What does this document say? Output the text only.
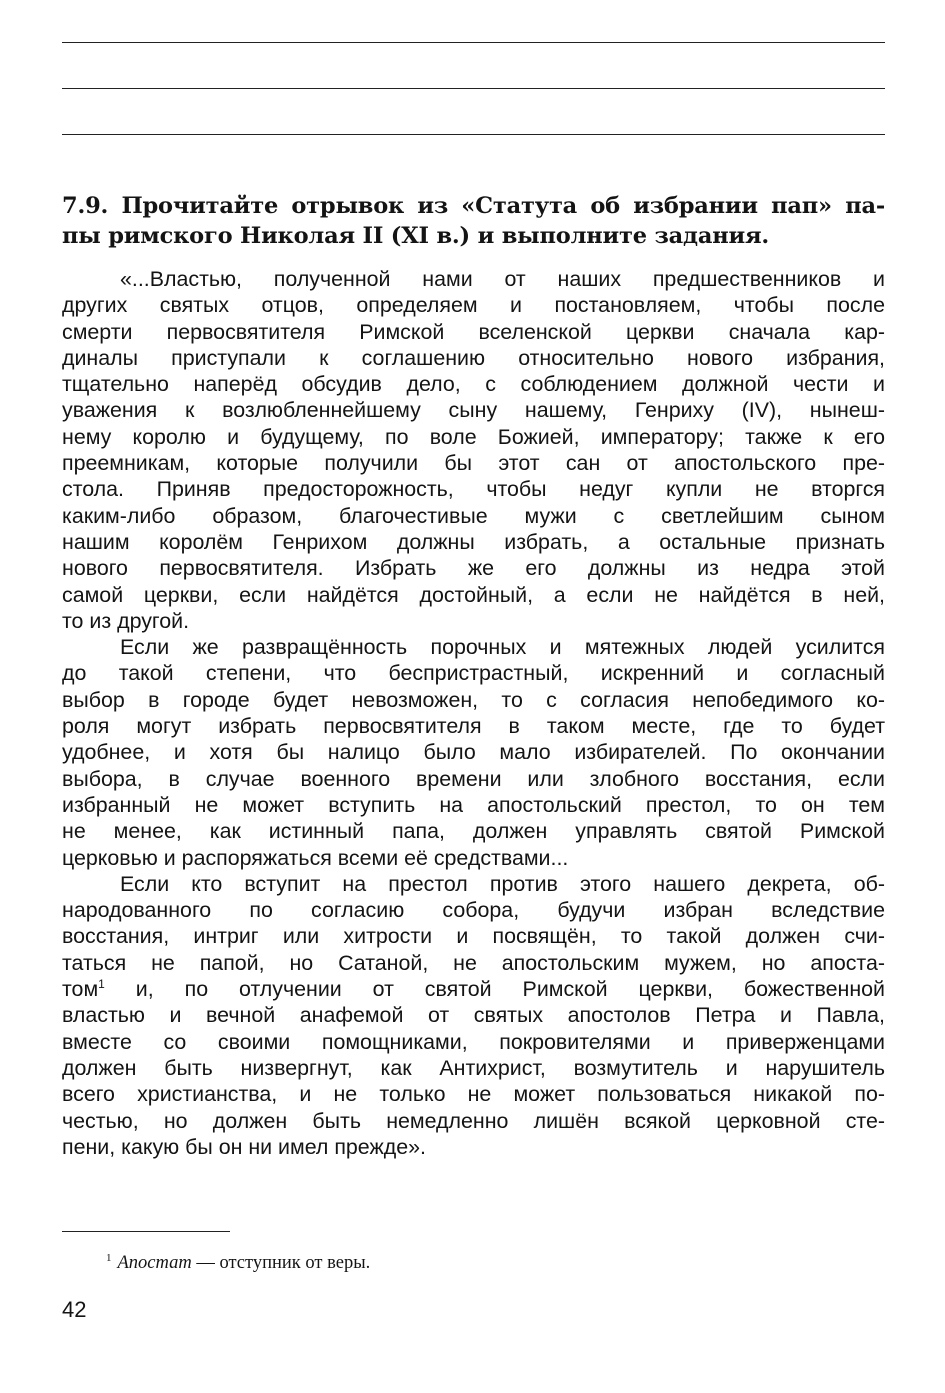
7.9. Прочитайте отрывок из «Статута об избрании пап» па-
пы римского Николая II (XI в.) и выполните задания.
«...Властью, полученной нами от наших предшественников и
других святых отцов, определяем и постановляем, чтобы после
смерти первосвятителя Римской вселенской церкви сначала кар-
диналы приступали к соглашению относительно нового избрания,
тщательно наперёд обсудив дело, с соблюдением должной чести и
уважения к возлюбленнейшему сыну нашему, Генриху (IV), нынеш-
нему королю и будущему, по воле Божией, императору; также к его
преемникам, которые получили бы этот сан от апостольского пре-
стола. Приняв предосторожность, чтобы недуг купли не вторгся
каким-либо образом, благочестивые мужи с светлейшим сыном
нашим королём Генрихом должны избрать, а остальные признать
нового первосвятителя. Избрать же его должны из недра этой
самой церкви, если найдётся достойный, а если не найдётся в ней,
то из другой.
Если же развращённость порочных и мятежных людей усилится
до такой степени, что беспристрастный, искренний и согласный
выбор в городе будет невозможен, то с согласия непобедимого ко-
роля могут избрать первосвятителя в таком месте, где то будет
удобнее, и хотя бы налицо было мало избирателей. По окончании
выбора, в случае военного времени или злобного восстания, если
избранный не может вступить на апостольский престол, то он тем
не менее, как истинный папа, должен управлять святой Римской
церковью и распоряжаться всеми её средствами...
Если кто вступит на престол против этого нашего декрета, об-
народованного по согласию собора, будучи избран вследствие
восстания, интриг или хитрости и посвящён, то такой должен счи-
таться не папой, но Сатаной, не апостольским мужем, но апоста-
том$^1$ и, по отлучении от святой Римской церкви, божественной
властью и вечной анафемой от святых апостолов Петра и Павла,
вместе со своими помощниками, покровителями и приверженцами
должен быть низвергнут, как Антихрист, возмутитель и нарушитель
всего христианства, и не только не может пользоваться никакой по-
честью, но должен быть немедленно лишён всякой церковной сте-
пени, какую бы он ни имел прежде».
$^1$ Апостат — отступник от веры.
42
